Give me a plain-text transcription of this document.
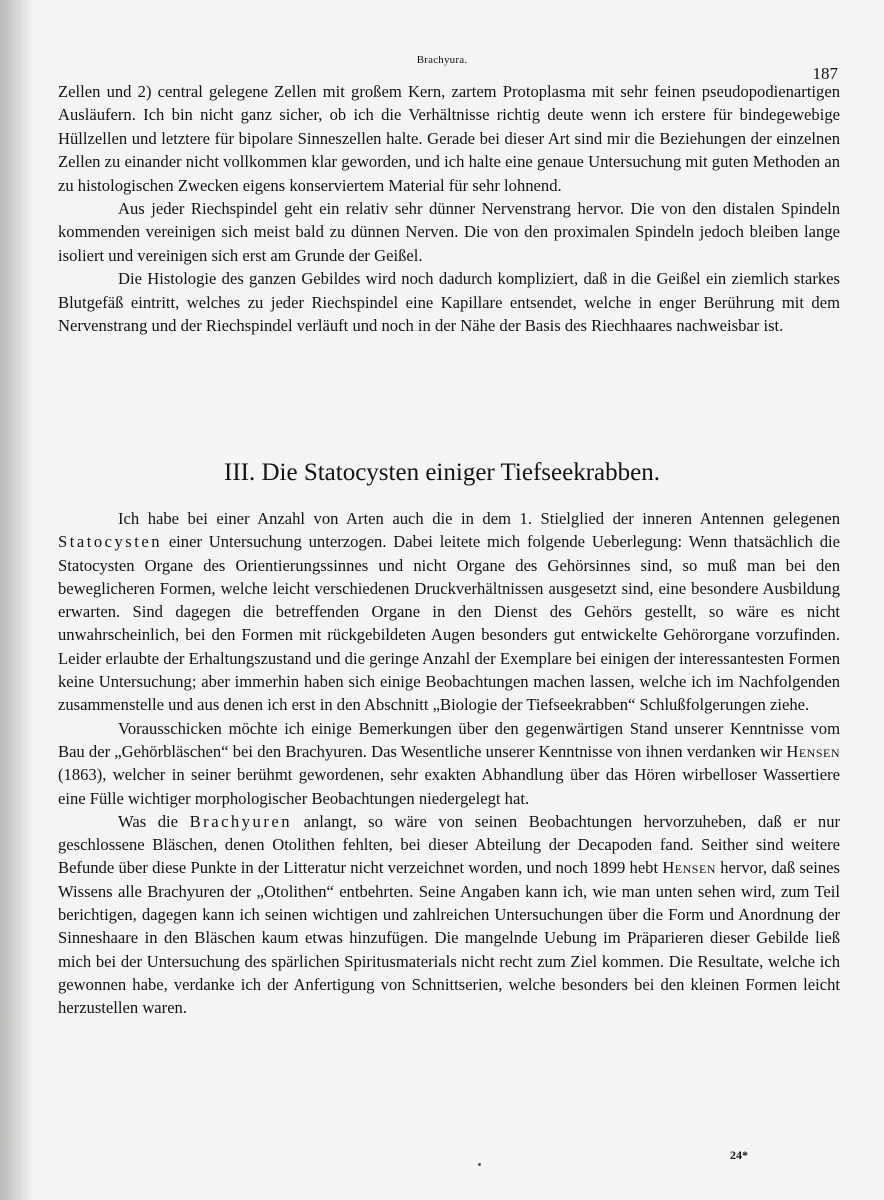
Brachyura.
187

Zellen und 2) central gelegene Zellen mit großem Kern, zartem Protoplasma mit sehr feinen pseudopodienartigen Ausläufern. Ich bin nicht ganz sicher, ob ich die Verhältnisse richtig deute wenn ich erstere für bindegewebige Hüllzellen und letztere für bipolare Sinneszellen halte. Gerade bei dieser Art sind mir die Beziehungen der einzelnen Zellen zu einander nicht vollkommen klar geworden, und ich halte eine genaue Untersuchung mit guten Methoden an zu histologischen Zwecken eigens konserviertem Material für sehr lohnend.

Aus jeder Riechspindel geht ein relativ sehr dünner Nervenstrang hervor. Die von den distalen Spindeln kommenden vereinigen sich meist bald zu dünnen Nerven. Die von den proximalen Spindeln jedoch bleiben lange isoliert und vereinigen sich erst am Grunde der Geißel.

Die Histologie des ganzen Gebildes wird noch dadurch kompliziert, daß in die Geißel ein ziemlich starkes Blutgefäß eintritt, welches zu jeder Riechspindel eine Kapillare entsendet, welche in enger Berührung mit dem Nervenstrang und der Riechspindel verläuft und noch in der Nähe der Basis des Riechhaares nachweisbar ist.

III. Die Statocysten einiger Tiefseekrabben.

Ich habe bei einer Anzahl von Arten auch die in dem 1. Stielglied der inneren Antennen gelegenen Statocysten einer Untersuchung unterzogen. Dabei leitete mich folgende Ueberlegung: Wenn thatsächlich die Statocysten Organe des Orientierungssinnes und nicht Organe des Gehörsinnes sind, so muß man bei den beweglicheren Formen, welche leicht verschiedenen Druckverhältnissen ausgesetzt sind, eine besondere Ausbildung erwarten. Sind dagegen die betreffenden Organe in den Dienst des Gehörs gestellt, so wäre es nicht unwahrscheinlich, bei den Formen mit rückgebildeten Augen besonders gut entwickelte Gehörorgane vorzufinden. Leider erlaubte der Erhaltungszustand und die geringe Anzahl der Exemplare bei einigen der interessantesten Formen keine Untersuchung; aber immerhin haben sich einige Beobachtungen machen lassen, welche ich im Nachfolgenden zusammenstelle und aus denen ich erst in den Abschnitt „Biologie der Tiefseekrabben“ Schlußfolgerungen ziehe.

Vorausschicken möchte ich einige Bemerkungen über den gegenwärtigen Stand unserer Kenntnisse vom Bau der „Gehörbläschen“ bei den Brachyuren. Das Wesentliche unserer Kenntnisse von ihnen verdanken wir Hensen (1863), welcher in seiner berühmt gewordenen, sehr exakten Abhandlung über das Hören wirbelloser Wassertiere eine Fülle wichtiger morphologischer Beobachtungen niedergelegt hat.

Was die Brachyuren anlangt, so wäre von seinen Beobachtungen hervorzuheben, daß er nur geschlossene Bläschen, denen Otolithen fehlten, bei dieser Abteilung der Decapoden fand. Seither sind weitere Befunde über diese Punkte in der Litteratur nicht verzeichnet worden, und noch 1899 hebt Hensen hervor, daß seines Wissens alle Brachyuren der „Otolithen“ entbehrten. Seine Angaben kann ich, wie man unten sehen wird, zum Teil berichtigen, dagegen kann ich seinen wichtigen und zahlreichen Untersuchungen über die Form und Anordnung der Sinneshaare in den Bläschen kaum etwas hinzufügen. Die mangelnde Uebung im Präparieren dieser Gebilde ließ mich bei der Untersuchung des spärlichen Spiritusmaterials nicht recht zum Ziel kommen. Die Resultate, welche ich gewonnen habe, verdanke ich der Anfertigung von Schnittserien, welche besonders bei den kleinen Formen leicht herzustellen waren.

24*
